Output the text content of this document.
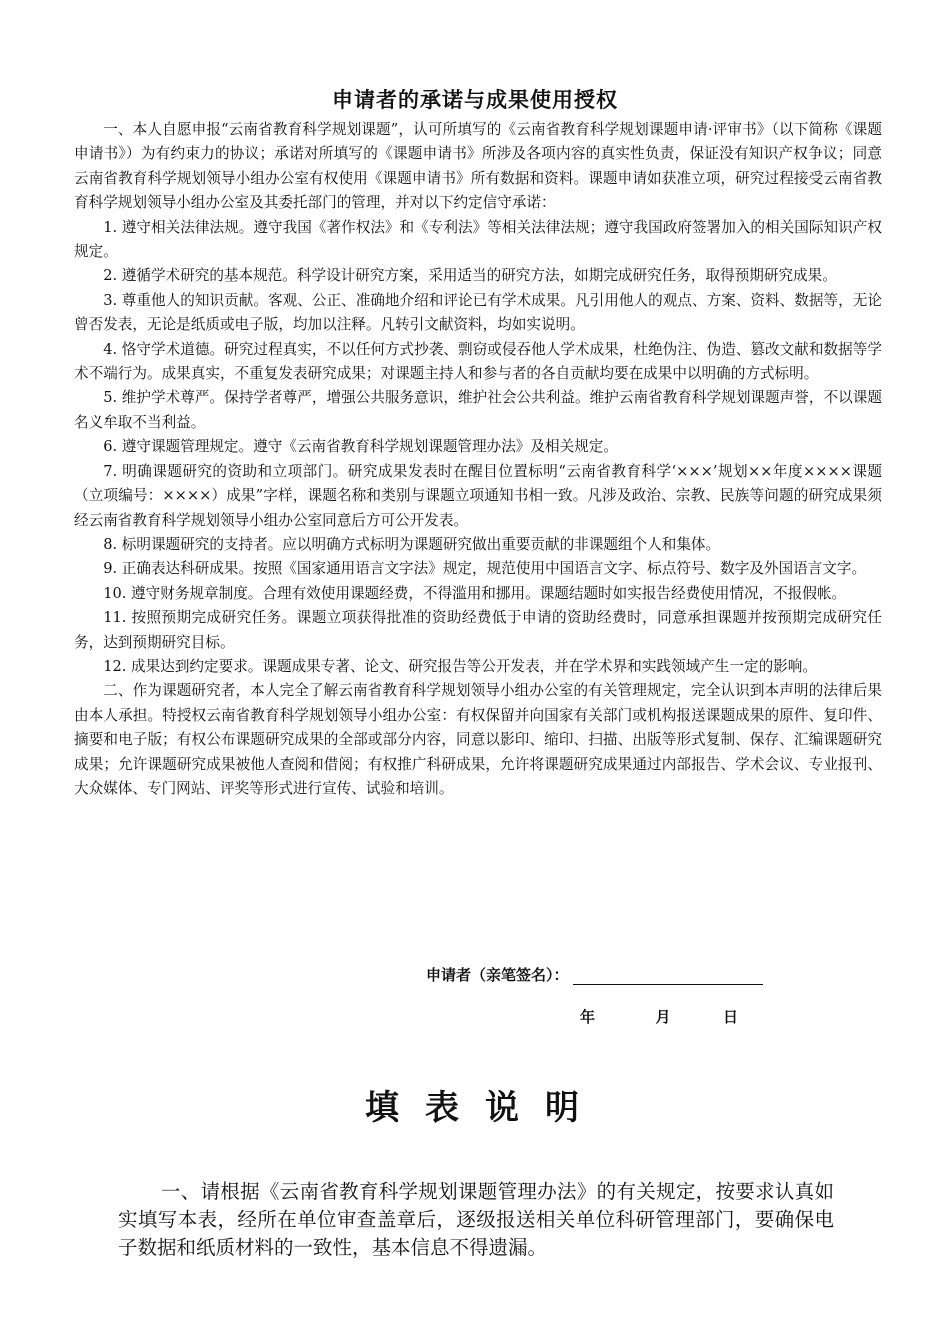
申请者的承诺与成果使用授权

一、本人自愿申报“云南省教育科学规划课题”，认可所填写的《云南省教育科学规划课题申请·评审书》（以下简称《课题申请书》）为有约束力的协议；承诺对所填写的《课题申请书》所涉及各项内容的真实性负责，保证没有知识产权争议；同意云南省教育科学规划领导小组办公室有权使用《课题申请书》所有数据和资料。课题申请如获准立项，研究过程接受云南省教育科学规划领导小组办公室及其委托部门的管理，并对以下约定信守承诺：

1. 遵守相关法律法规。遵守我国《著作权法》和《专利法》等相关法律法规；遵守我国政府签署加入的相关国际知识产权规定。

2. 遵循学术研究的基本规范。科学设计研究方案，采用适当的研究方法，如期完成研究任务，取得预期研究成果。

3. 尊重他人的知识贡献。客观、公正、准确地介绍和评论已有学术成果。凡引用他人的观点、方案、资料、数据等，无论曾否发表，无论是纸质或电子版，均加以注释。凡转引文献资料，均如实说明。

4. 恪守学术道德。研究过程真实，不以任何方式抄袭、剽窃或侵吞他人学术成果，杜绝伪注、伪造、篡改文献和数据等学术不端行为。成果真实，不重复发表研究成果；对课题主持人和参与者的各自贡献均要在成果中以明确的方式标明。

5. 维护学术尊严。保持学者尊严，增强公共服务意识，维护社会公共利益。维护云南省教育科学规划课题声誉，不以课题名义牟取不当利益。

6. 遵守课题管理规定。遵守《云南省教育科学规划课题管理办法》及相关规定。

7. 明确课题研究的资助和立项部门。研究成果发表时在醒目位置标明“云南省教育科学‘×××’规划××年度××××课题（立项编号：××××）成果”字样，课题名称和类别与课题立项通知书相一致。凡涉及政治、宗教、民族等问题的研究成果须经云南省教育科学规划领导小组办公室同意后方可公开发表。

8. 标明课题研究的支持者。应以明确方式标明为课题研究做出重要贡献的非课题组个人和集体。

9. 正确表达科研成果。按照《国家通用语言文字法》规定，规范使用中国语言文字、标点符号、数字及外国语言文字。

10. 遵守财务规章制度。合理有效使用课题经费，不得滥用和挪用。课题结题时如实报告经费使用情况，不报假帐。

11. 按照预期完成研究任务。课题立项获得批准的资助经费低于申请的资助经费时，同意承担课题并按预期完成研究任务，达到预期研究目标。

12. 成果达到约定要求。课题成果专著、论文、研究报告等公开发表，并在学术界和实践领域产生一定的影响。

二、作为课题研究者，本人完全了解云南省教育科学规划领导小组办公室的有关管理规定，完全认识到本声明的法律后果由本人承担。特授权云南省教育科学规划领导小组办公室：有权保留并向国家有关部门或机构报送课题成果的原件、复印件、摘要和电子版；有权公布课题研究成果的全部或部分内容，同意以影印、缩印、扫描、出版等形式复制、保存、汇编课题研究成果；允许课题研究成果被他人查阅和借阅；有权推广科研成果，允许将课题研究成果通过内部报告、学术会议、专业报刊、大众媒体、专门网站、评奖等形式进行宣传、试验和培训。

申请者（亲笔签名）：
年	月	日
填表说明

一、请根据《云南省教育科学规划课题管理办法》的有关规定，按要求认真如实填写本表，经所在单位审查盖章后，逐级报送相关单位科研管理部门，要确保电子数据和纸质材料的一致性，基本信息不得遗漏。
